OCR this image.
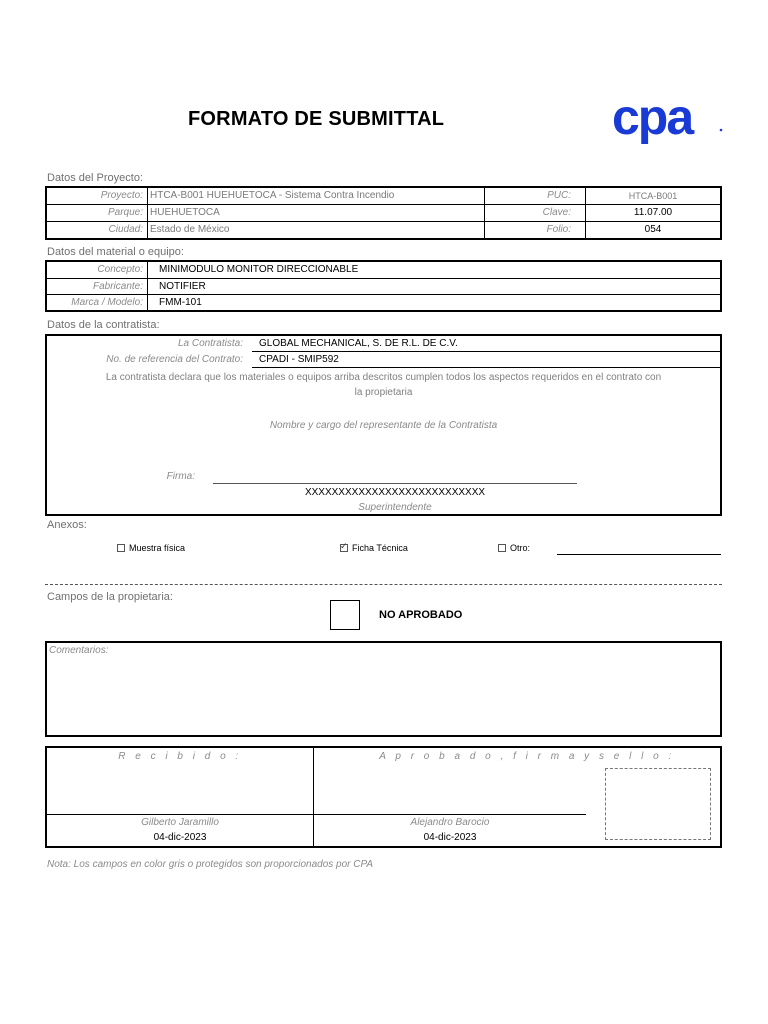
FORMATO DE SUBMITTAL	cpa
Datos del Proyecto:
Proyecto: HTCA-B001 HUEHUETOCA - Sistema Contra Incendio
Parque: HUEHUETOCA
Ciudad: Estado de México
PUC:	HTCA-B001
Clave:	11.07.00
Folio:	054
Datos del material o equipo:
Concepto: MINIMODULO MONITOR DIRECCIONABLE
Fabricante: NOTIFIER
Marca / Modelo: FMM-101
Datos de la contratista:
La Contratista: GLOBAL MECHANICAL, S. DE R.L. DE C.V.
No. de referencia del Contrato: CPADI - SMIP592
La contratista declara que los materiales o equipos arriba descritos cumplen todos los aspectos requeridos en el contrato con
la propietaria
Nombre y cargo del representante de la Contratista
Firma:
XXXXXXXXXXXXXXXXXXXXXXXXXXX
Superintendente
Anexos:
Muestra física
✓	Ficha Técnica	Otro:
Campos de la propietaria:
NO APROBADO
Comentarios:
R e c i b i d o :	A p r o b a d o , f i r m a y s e l l o :
Gilberto Jaramillo
04-dic-2023
Alejandro Barocio
04-dic-2023
Nota: Los campos en color gris o protegidos son proporcionados por CPA
